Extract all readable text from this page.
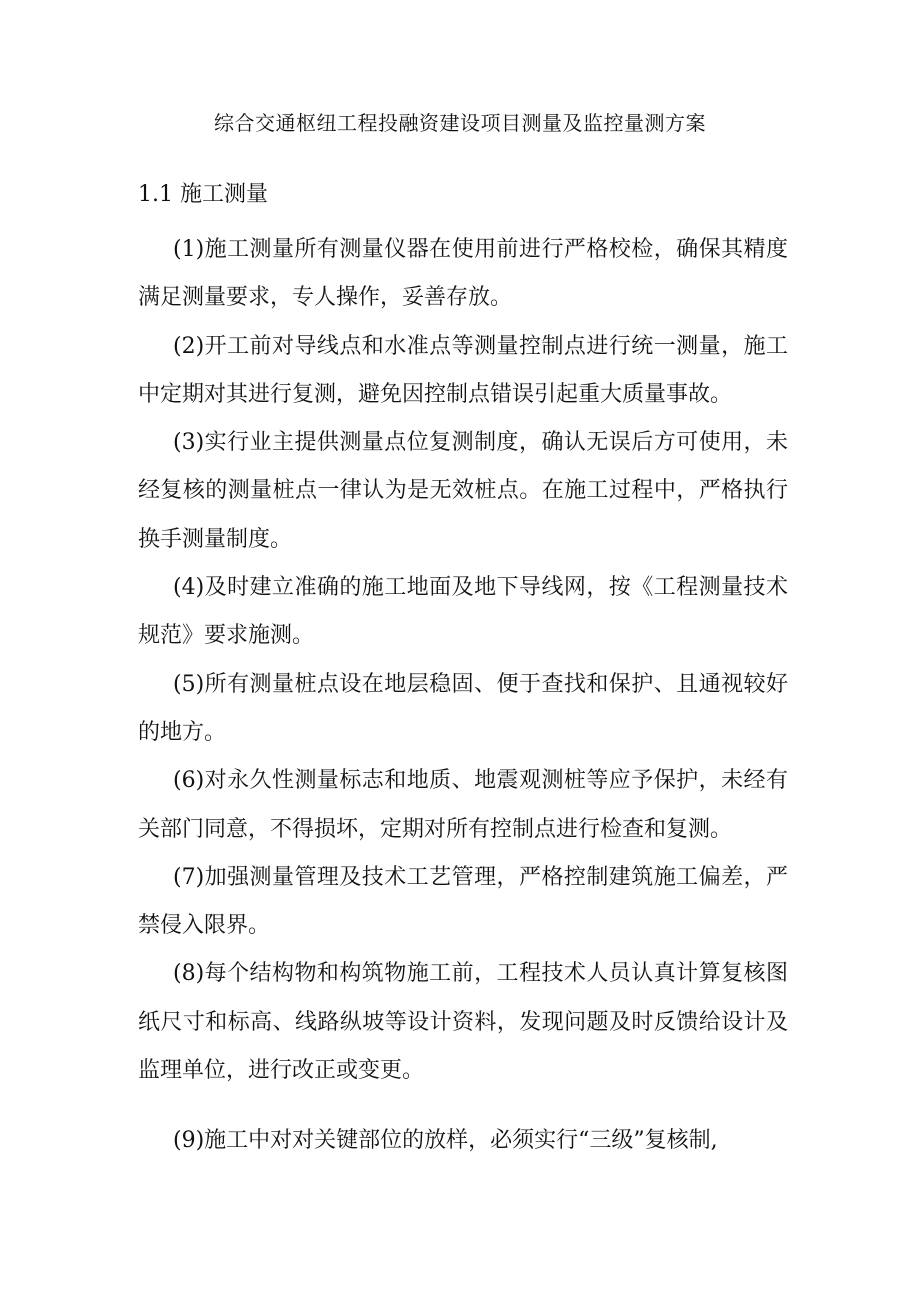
综合交通枢纽工程投融资建设项目测量及监控量测方案
1.1 施工测量

(1)施工测量所有测量仪器在使用前进行严格校检，确保其精度满足测量要求，专人操作，妥善存放。

(2)开工前对导线点和水准点等测量控制点进行统一测量，施工中定期对其进行复测，避免因控制点错误引起重大质量事故。

(3)实行业主提供测量点位复测制度，确认无误后方可使用，未经复核的测量桩点一律认为是无效桩点。在施工过程中，严格执行换手测量制度。

(4)及时建立准确的施工地面及地下导线网，按《工程测量技术规范》要求施测。

(5)所有测量桩点设在地层稳固、便于查找和保护、且通视较好的地方。

(6)对永久性测量标志和地质、地震观测桩等应予保护，未经有关部门同意，不得损坏，定期对所有控制点进行检查和复测。

(7)加强测量管理及技术工艺管理，严格控制建筑施工偏差，严禁侵入限界。

(8)每个结构物和构筑物施工前，工程技术人员认真计算复核图纸尺寸和标高、线路纵坡等设计资料，发现问题及时反馈给设计及监理单位，进行改正或变更。

(9)施工中对对关键部位的放样，必须实行“三级”复核制,
